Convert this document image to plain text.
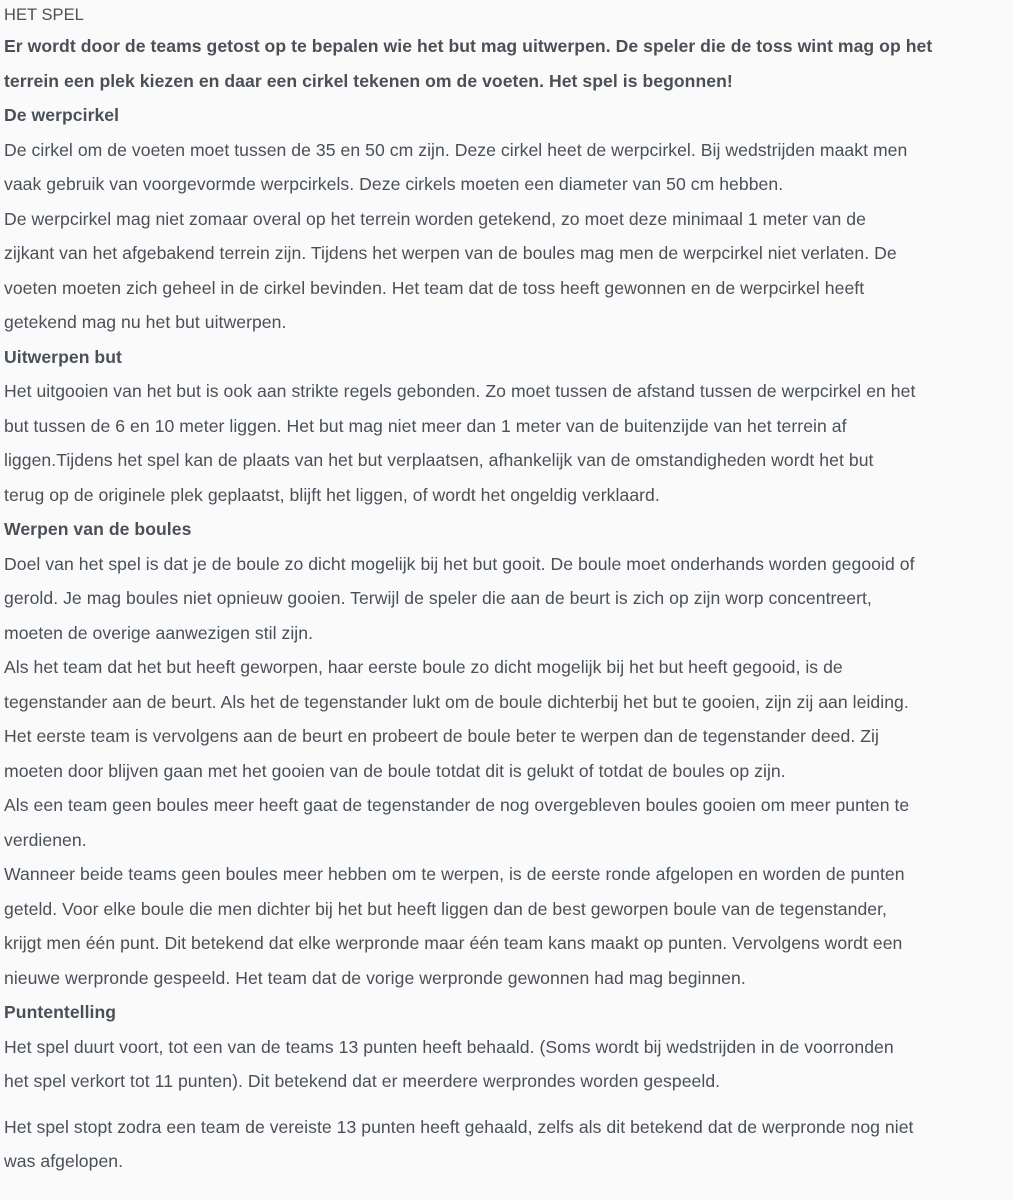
HET SPEL
Er wordt door de teams getost op te bepalen wie het but mag uitwerpen. De speler die de toss wint mag op het
terrein een plek kiezen en daar een cirkel tekenen om de voeten. Het spel is begonnen!
De werpcirkel
De cirkel om de voeten moet tussen de 35 en 50 cm zijn. Deze cirkel heet de werpcirkel. Bij wedstrijden maakt men
vaak gebruik van voorgevormde werpcirkels. Deze cirkels moeten een diameter van 50 cm hebben.
De werpcirkel mag niet zomaar overal op het terrein worden getekend, zo moet deze minimaal 1 meter van de
zijkant van het afgebakend terrein zijn. Tijdens het werpen van de boules mag men de werpcirkel niet verlaten. De
voeten moeten zich geheel in de cirkel bevinden. Het team dat de toss heeft gewonnen en de werpcirkel heeft
getekend mag nu het but uitwerpen.
Uitwerpen but
Het uitgooien van het but is ook aan strikte regels gebonden. Zo moet tussen de afstand tussen de werpcirkel en het
but tussen de 6 en 10 meter liggen. Het but mag niet meer dan 1 meter van de buitenzijde van het terrein af
liggen.Tijdens het spel kan de plaats van het but verplaatsen, afhankelijk van de omstandigheden wordt het but
terug op de originele plek geplaatst, blijft het liggen, of wordt het ongeldig verklaard.
Werpen van de boules
Doel van het spel is dat je de boule zo dicht mogelijk bij het but gooit. De boule moet onderhands worden gegooid of
gerold. Je mag boules niet opnieuw gooien. Terwijl de speler die aan de beurt is zich op zijn worp concentreert,
moeten de overige aanwezigen stil zijn.
Als het team dat het but heeft geworpen, haar eerste boule zo dicht mogelijk bij het but heeft gegooid, is de
tegenstander aan de beurt. Als het de tegenstander lukt om de boule dichterbij het but te gooien, zijn zij aan leiding.
Het eerste team is vervolgens aan de beurt en probeert de boule beter te werpen dan de tegenstander deed. Zij
moeten door blijven gaan met het gooien van de boule totdat dit is gelukt of totdat de boules op zijn.
Als een team geen boules meer heeft gaat de tegenstander de nog overgebleven boules gooien om meer punten te
verdienen.
Wanneer beide teams geen boules meer hebben om te werpen, is de eerste ronde afgelopen en worden de punten
geteld. Voor elke boule die men dichter bij het but heeft liggen dan de best geworpen boule van de tegenstander,
krijgt men één punt. Dit betekend dat elke werpronde maar één team kans maakt op punten. Vervolgens wordt een
nieuwe werpronde gespeeld. Het team dat de vorige werpronde gewonnen had mag beginnen.
Puntentelling
Het spel duurt voort, tot een van de teams 13 punten heeft behaald. (Soms wordt bij wedstrijden in de voorronden
het spel verkort tot 11 punten). Dit betekend dat er meerdere werprondes worden gespeeld.
Het spel stopt zodra een team de vereiste 13 punten heeft gehaald, zelfs als dit betekend dat de werpronde nog niet
was afgelopen.
